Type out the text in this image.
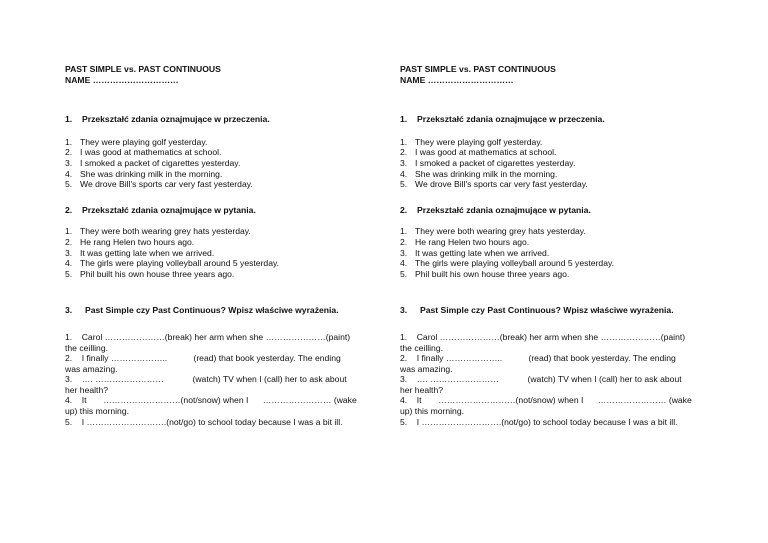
PAST SIMPLE vs. PAST CONTINUOUS
NAME …………………………
1. Przekształć zdania oznajmujące w przeczenia.
1. They were playing golf yesterday.
2. I was good at mathematics at school.
3. I smoked a packet of cigarettes yesterday.
4. She was drinking milk in the morning.
5. We drove Bill's sports car very fast yesterday.
2. Przekształć zdania oznajmujące w pytania.
1. They were both wearing grey hats yesterday.
2. He rang Helen two hours ago.
3. It was getting late when we arrived.
4. The girls were playing volleyball around 5 yesterday.
5. Phil built his own house three years ago.
3. Past Simple czy Past Continuous? Wpisz właściwe wyrażenia.
1.    Carol …………………(break) her arm when she …………………(paint)
the ceilling.
2.    I finally ………………..           (read) that book yesterday. The ending
was amazing.
3.    …. ……………………            (watch) TV when I (call) her to ask about
her health?
4.    It       ………………………(not/snow) when I      …………………… (wake
up) this morning.
5.    I ……………………….(not/go) to school today because I was a bit ill.
PAST SIMPLE vs. PAST CONTINUOUS
NAME …………………………
1. Przekształć zdania oznajmujące w przeczenia.
1. They were playing golf yesterday.
2. I was good at mathematics at school.
3. I smoked a packet of cigarettes yesterday.
4. She was drinking milk in the morning.
5. We drove Bill's sports car very fast yesterday.
2. Przekształć zdania oznajmujące w pytania.
1. They were both wearing grey hats yesterday.
2. He rang Helen two hours ago.
3. It was getting late when we arrived.
4. The girls were playing volleyball around 5 yesterday.
5. Phil built his own house three years ago.
3. Past Simple czy Past Continuous? Wpisz właściwe wyrażenia.
1.    Carol …………………(break) her arm when she …………………(paint)
the ceilling.
2.    I finally ………………..           (read) that book yesterday. The ending
was amazing.
3.    …. ……………………            (watch) TV when I (call) her to ask about
her health?
4.    It       ………………………(not/snow) when I      …………………… (wake
up) this morning.
5.    I ……………………….(not/go) to school today because I was a bit ill.
